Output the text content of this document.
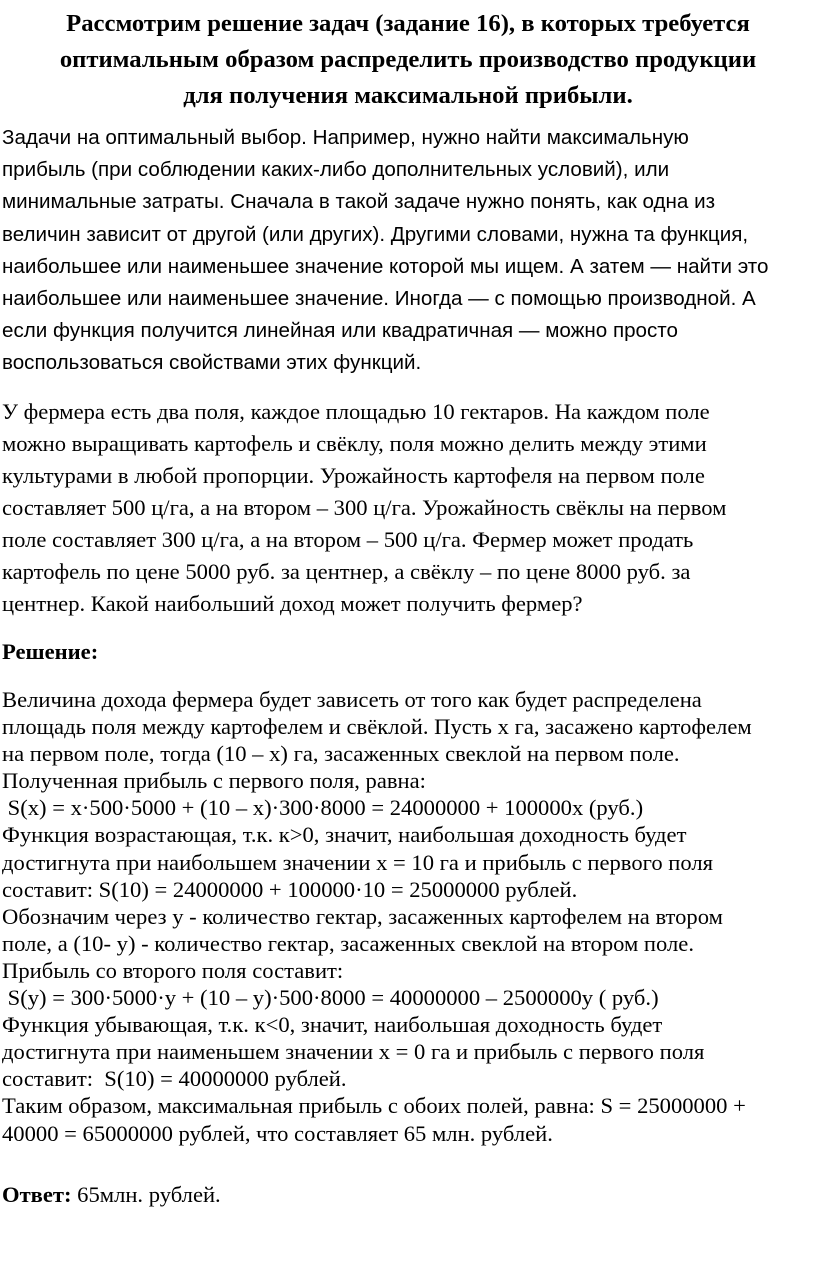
Рассмотрим решение задач (задание 16), в которых требуется
оптимальным образом распределить производство продукции
для получения максимальной прибыли.

Задачи на оптимальный выбор. Например, нужно найти максимальную
прибыль (при соблюдении каких-либо дополнительных условий), или
минимальные затраты. Сначала в такой задаче нужно понять, как одна из
величин зависит от другой (или других). Другими словами, нужна та функция,
наибольшее или наименьшее значение которой мы ищем. А затем — найти это
наибольшее или наименьшее значение. Иногда — с помощью производной. А
если функция получится линейная или квадратичная — можно просто
воспользоваться свойствами этих функций.

У фермера есть два поля, каждое площадью 10 гектаров. На каждом поле
можно выращивать картофель и свёклу, поля можно делить между этими
культурами в любой пропорции. Урожайность картофеля на первом поле
составляет 500 ц/га, а на втором – 300 ц/га. Урожайность свёклы на первом
поле составляет 300 ц/га, а на втором – 500 ц/га. Фермер может продать
картофель по цене 5000 руб. за центнер, а свёклу – по цене 8000 руб. за
центнер. Какой наибольший доход может получить фермер?

Решение:

Величина дохода фермера будет зависеть от того как будет распределена
площадь поля между картофелем и свёклой. Пусть x га, засажено картофелем
на первом поле, тогда (10 – x) га, засаженных свеклой на первом поле.
Полученная прибыль с первого поля, равна:
S(x) = x·500·5000 + (10 – x)·300·8000 = 24000000 + 100000x (руб.)
Функция возрастающая, т.к. к>0, значит, наибольшая доходность будет
достигнута при наибольшем значении x = 10 га и прибыль с первого поля
составит: S(10) = 24000000 + 100000·10 = 25000000 рублей.
Обозначим через y - количество гектар, засаженных картофелем на втором
поле, а (10- y) - количество гектар, засаженных свеклой на втором поле.
Прибыль со второго поля составит:
S(y) = 300·5000·y + (10 – y)·500·8000 = 40000000 – 2500000y ( руб.)
Функция убывающая, т.к. к<0, значит, наибольшая доходность будет
достигнута при наименьшем значении x = 0 га и прибыль с первого поля
составит:  S(10) = 40000000 рублей.
Таким образом, максимальная прибыль с обоих полей, равна: S = 25000000 +
40000 = 65000000 рублей, что составляет 65 млн. рублей.

Ответ: 65млн. рублей.
